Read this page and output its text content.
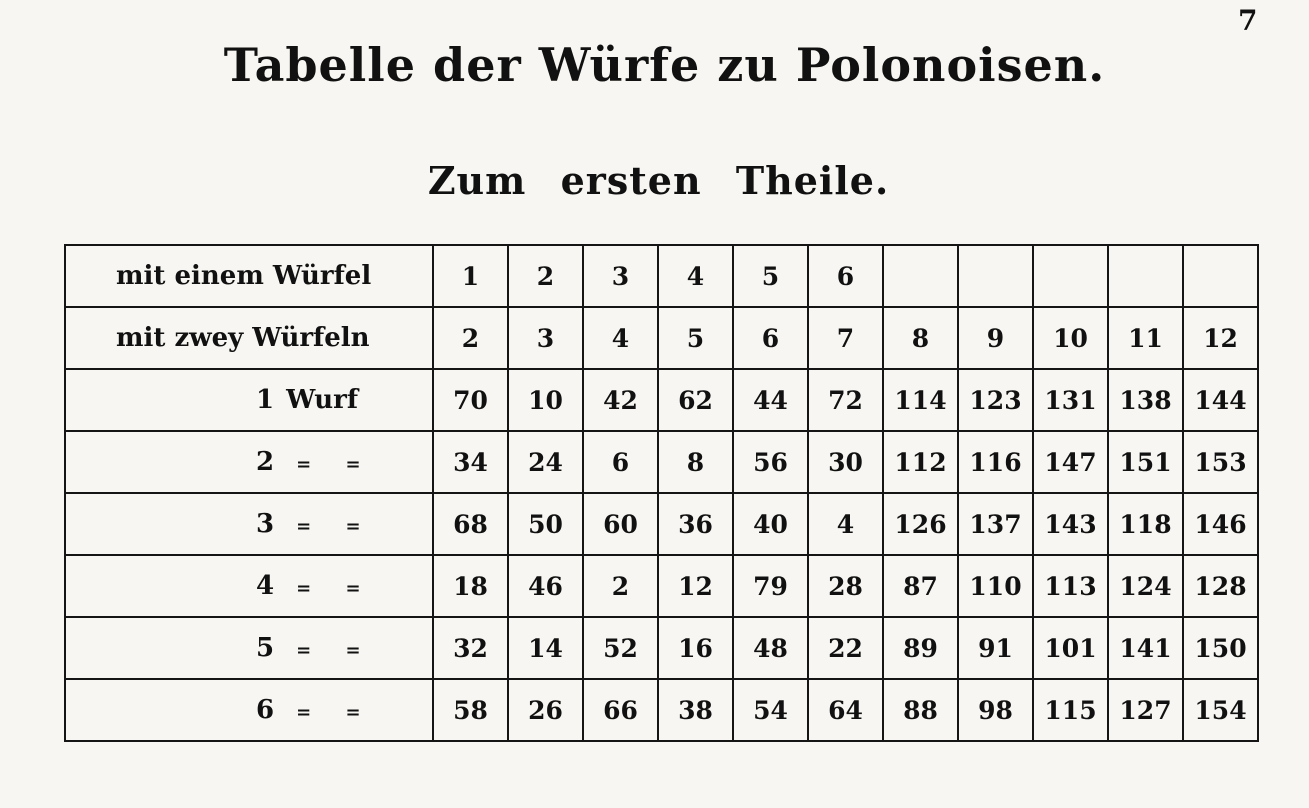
7
Tabelle der Würfe zu Polonoisen.
Zum ersten Theile.
mit einem Würfel	1	2	3	4	5	6					
mit zwey Würfeln	2	3	4	5	6	7	8	9	10	11	12
1 Wurf	70	10	42	62	44	72	114	123	131	138	144
2 = =	34	24	6	8	56	30	112	116	147	151	153
3 = =	68	50	60	36	40	4	126	137	143	118	146
4 = =	18	46	2	12	79	28	87	110	113	124	128
5 = =	32	14	52	16	48	22	89	91	101	141	150
6 = =	58	26	66	38	54	64	88	98	115	127	154
